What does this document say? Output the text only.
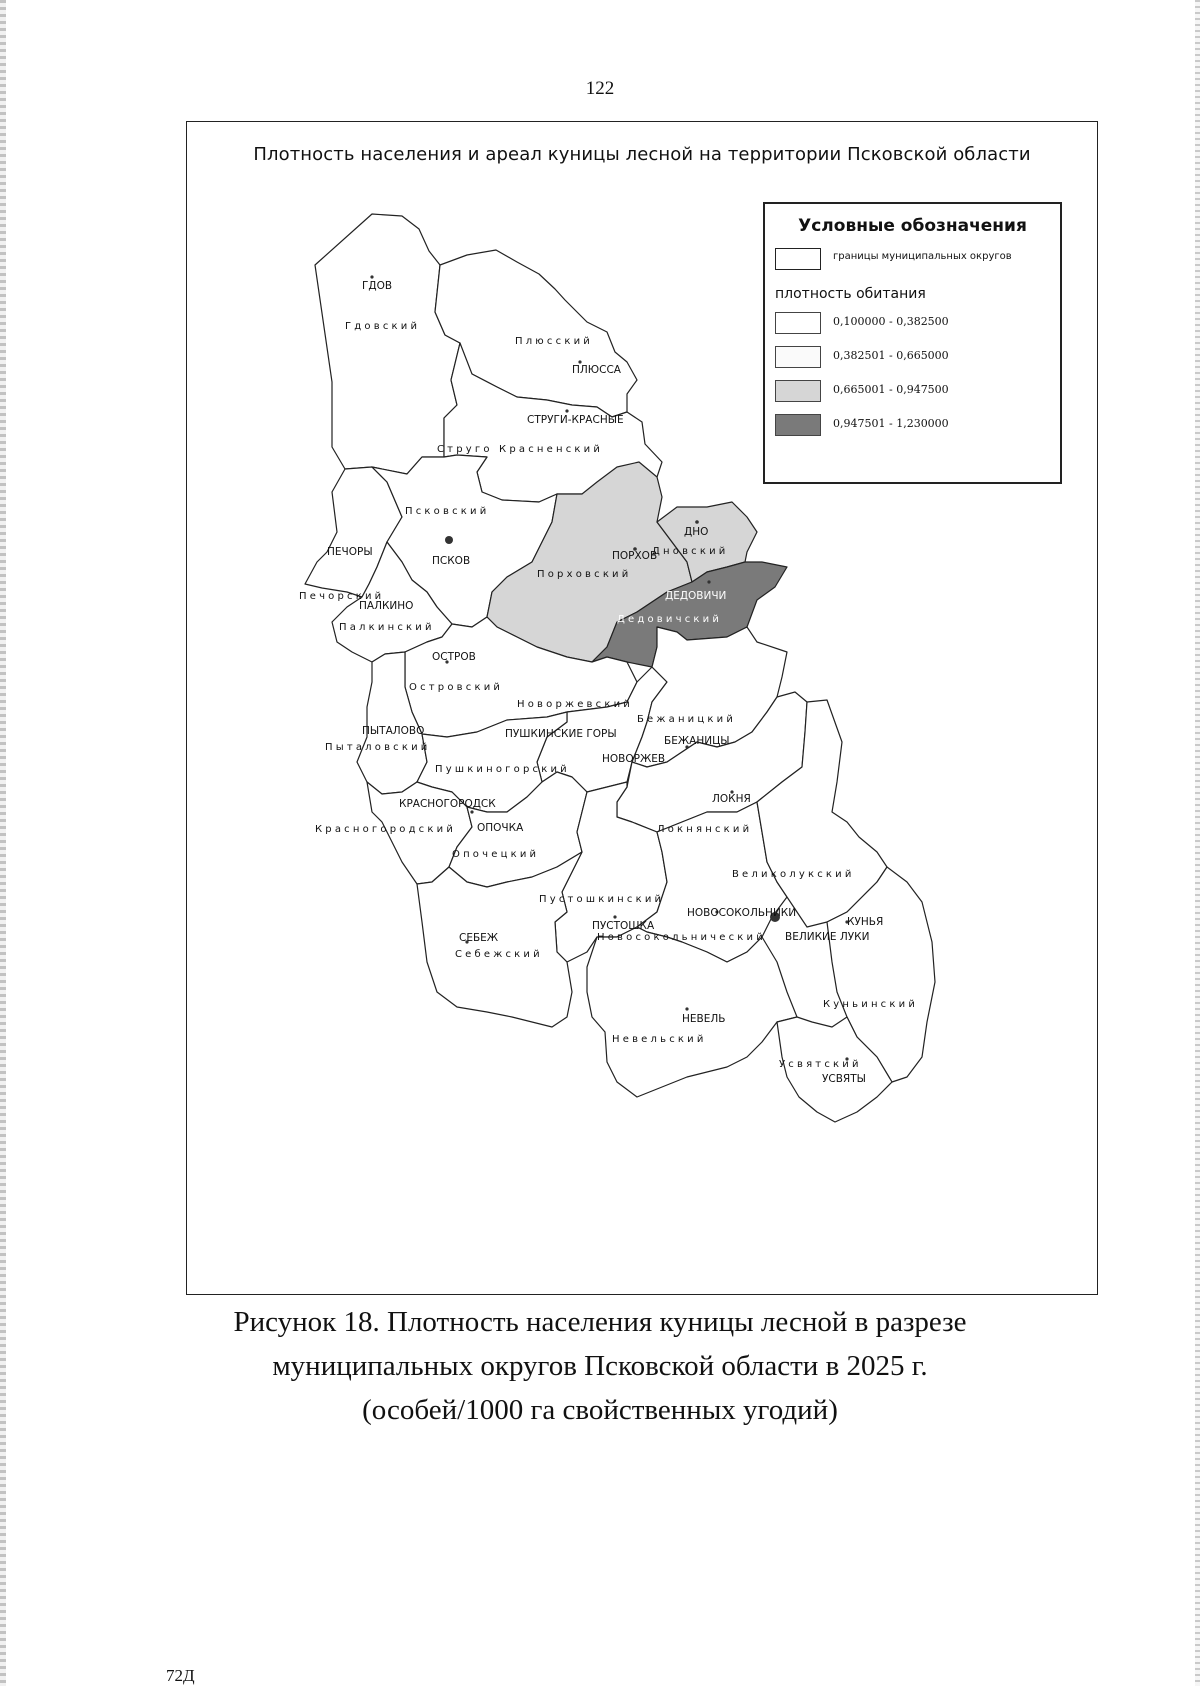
122
Плотность населения и ареал куницы лесной на территории Псковской области
Гдовский
Плюсский
Струго Красненский
Псковский
Порховский
Дновский
Печорский
Палкинский
Дедовичский
Островский
Новоржевский
Бежаницкий
Пыталовский
Пушкиногорский
Локнянский
Красногородский
Опочецкий
Великолукский
Пустошкинский
Новосокольнический
Себежский
Куньинский
Невельский
Усвятский
ГДОВ
ПЛЮССА
СТРУГИ-КРАСНЫЕ
ПЕЧОРЫ
ПСКОВ	ПОРХОВ
ДНО
ДЕДОВИЧИ
ПАЛКИНО
ОСТРОВ
ПУШКИНСКИЕ ГОРЫ
ПЫТАЛОВО
НОВОРЖЕВ
БЕЖАНИЦЫ
ЛОКНЯ
КРАСНОГОРОДСК
ОПОЧКА
ПУСТОШКА
НОВОСОКОЛЬНИКИ
СЕБЕЖ	ВЕЛИКИЕ ЛУКИ
КУНЬЯ
НЕВЕЛЬ
УСВЯТЫ
Условные обозначения
границы муниципальных округов
плотность обитания
0,100000 - 0,382500
0,382501 - 0,665000
0,665001 - 0,947500
0,947501 - 1,230000
Рисунок 18. Плотность населения куницы лесной в разрезе
муниципальных округов Псковской области в 2025 г.
(особей/1000 га свойственных угодий)
72Д
